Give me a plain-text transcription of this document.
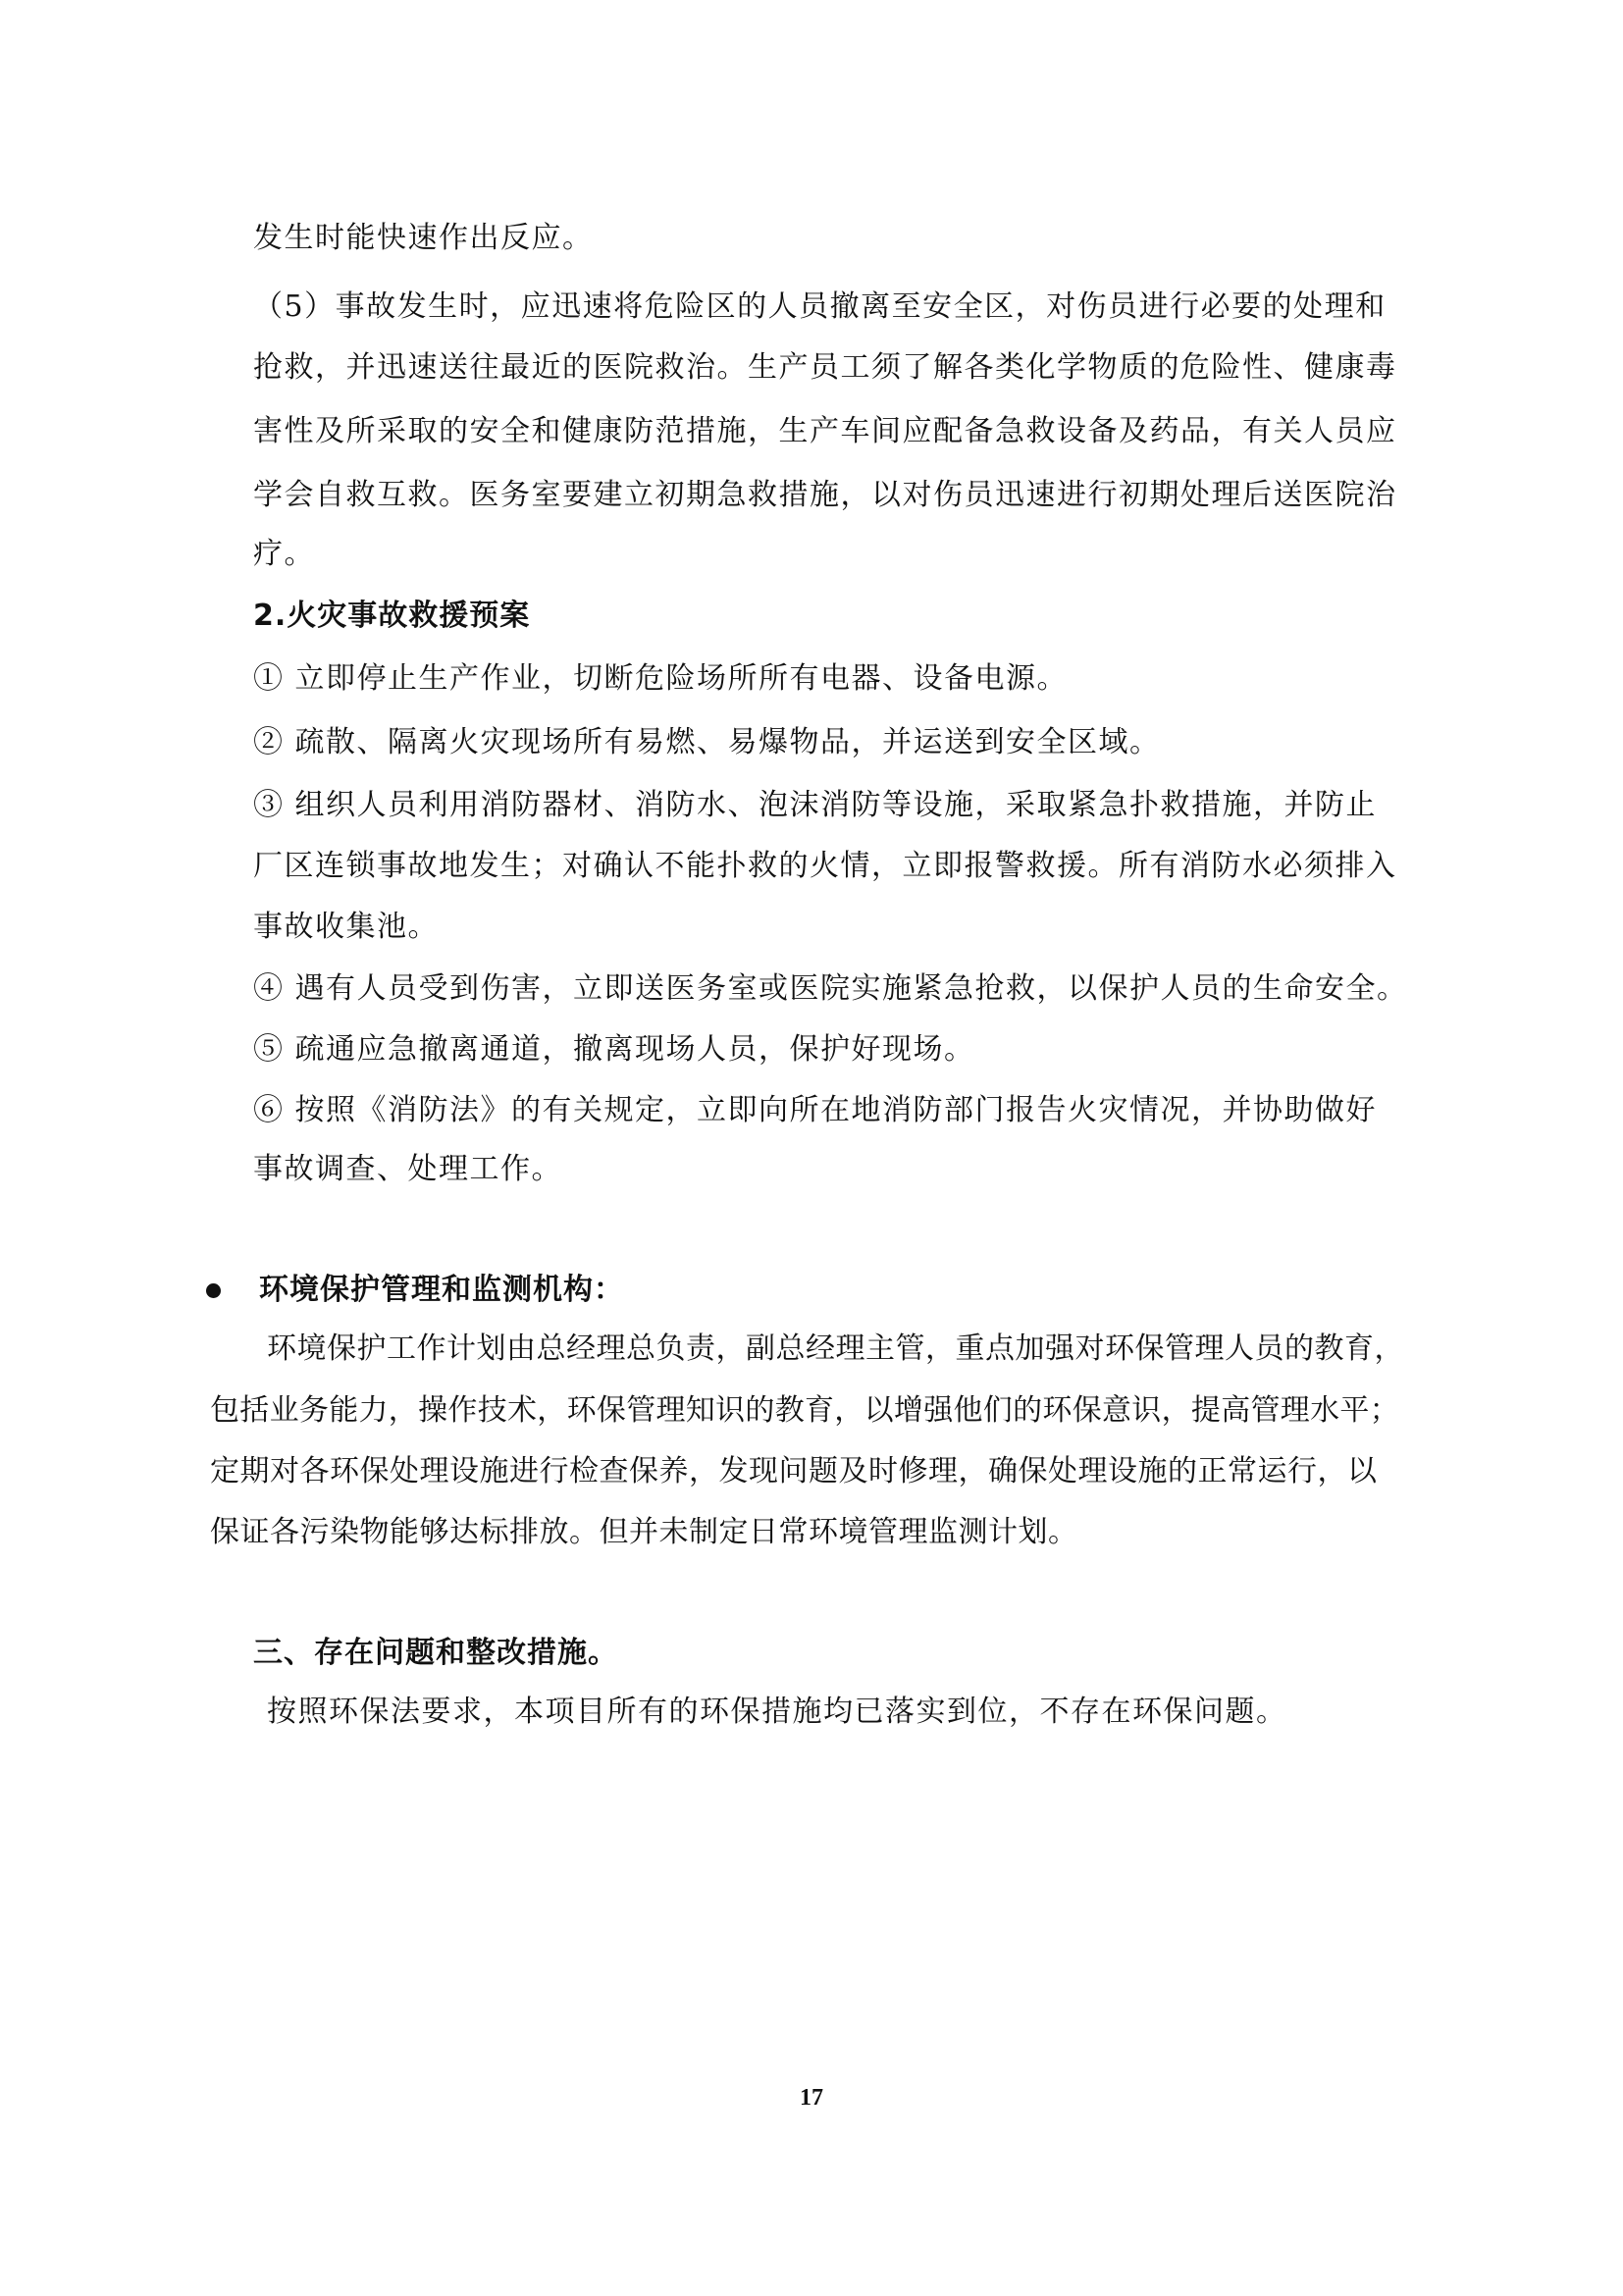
发生时能快速作出反应。
（5）事故发生时，应迅速将危险区的人员撤离至安全区，对伤员进行必要的处理和
抢救，并迅速送往最近的医院救治。生产员工须了解各类化学物质的危险性、健康毒
害性及所采取的安全和健康防范措施，生产车间应配备急救设备及药品，有关人员应
学会自救互救。医务室要建立初期急救措施，以对伤员迅速进行初期处理后送医院治
疗。
2.火灾事故救援预案
① 立即停止生产作业，切断危险场所所有电器、设备电源。
② 疏散、隔离火灾现场所有易燃、易爆物品，并运送到安全区域。
③ 组织人员利用消防器材、消防水、泡沫消防等设施，采取紧急扑救措施，并防止
厂区连锁事故地发生；对确认不能扑救的火情，立即报警救援。所有消防水必须排入
事故收集池。
④ 遇有人员受到伤害，立即送医务室或医院实施紧急抢救，以保护人员的生命安全。
⑤ 疏通应急撤离通道，撤离现场人员，保护好现场。
⑥ 按照《消防法》的有关规定，立即向所在地消防部门报告火灾情况，并协助做好
事故调查、处理工作。
环境保护管理和监测机构：
环境保护工作计划由总经理总负责，副总经理主管，重点加强对环保管理人员的教育，
包括业务能力，操作技术，环保管理知识的教育，以增强他们的环保意识，提高管理水平；
定期对各环保处理设施进行检查保养，发现问题及时修理，确保处理设施的正常运行，以
保证各污染物能够达标排放。但并未制定日常环境管理监测计划。
三、存在问题和整改措施。
按照环保法要求，本项目所有的环保措施均已落实到位，不存在环保问题。
17
